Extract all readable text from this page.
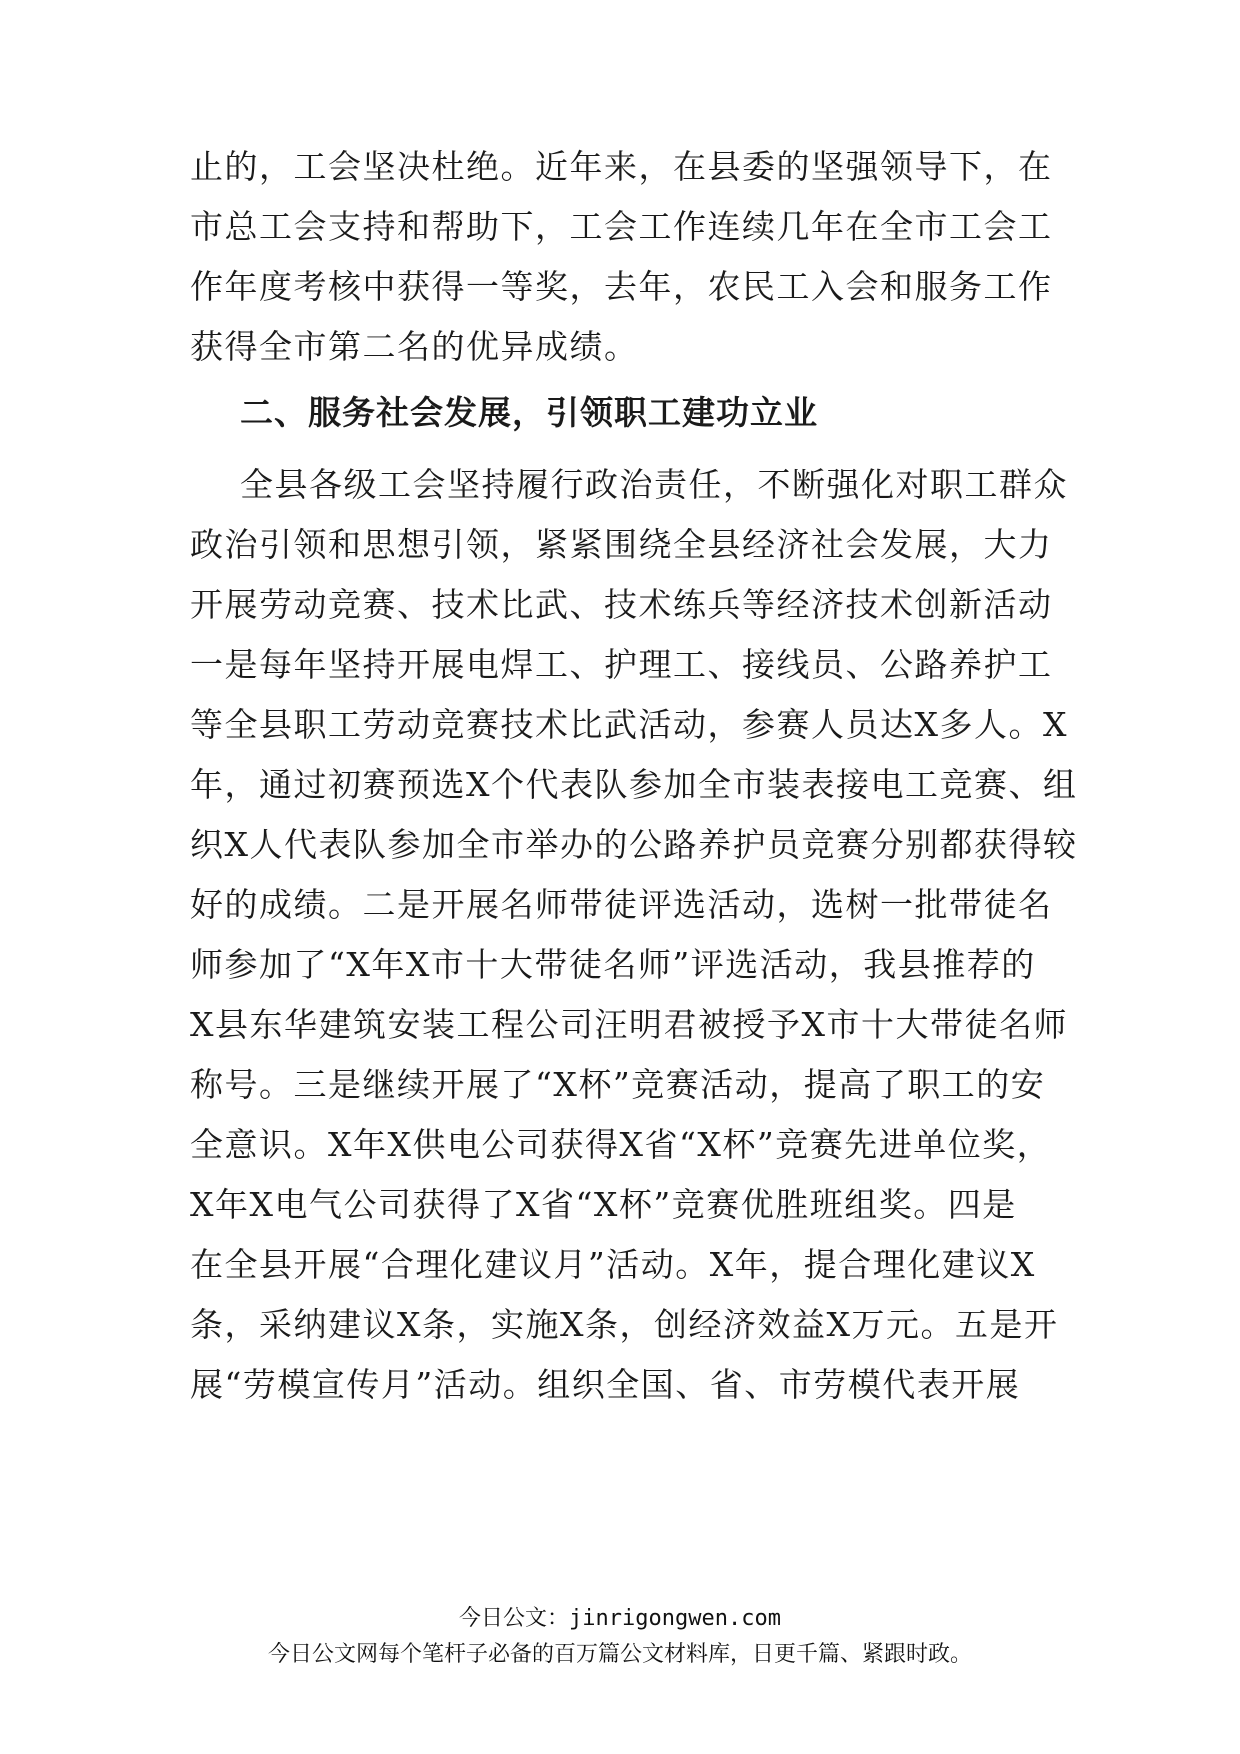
止的，工会坚决杜绝。近年来，在县委的坚强领导下，在
市总工会支持和帮助下，工会工作连续几年在全市工会工
作年度考核中获得一等奖，去年，农民工入会和服务工作
获得全市第二名的优异成绩。
二、服务社会发展，引领职工建功立业
全县各级工会坚持履行政治责任，不断强化对职工群众
政治引领和思想引领，紧紧围绕全县经济社会发展，大力
开展劳动竞赛、技术比武、技术练兵等经济技术创新活动
一是每年坚持开展电焊工、护理工、接线员、公路养护工
等全县职工劳动竞赛技术比武活动，参赛人员达X多人。X
年，通过初赛预选X个代表队参加全市装表接电工竞赛、组
织X人代表队参加全市举办的公路养护员竞赛分别都获得较
好的成绩。二是开展名师带徒评选活动，选树一批带徒名
师参加了“X年X市十大带徒名师”评选活动，我县推荐的
X县东华建筑安装工程公司汪明君被授予X市十大带徒名师
称号。三是继续开展了“X杯”竞赛活动，提高了职工的安
全意识。X年X供电公司获得X省“X杯”竞赛先进单位奖，
X年X电气公司获得了X省“X杯”竞赛优胜班组奖。四是
在全县开展“合理化建议月”活动。X年，提合理化建议X
条，采纳建议X条，实施X条，创经济效益X万元。五是开
展“劳模宣传月”活动。组织全国、省、市劳模代表开展
今日公文：jinrigongwen.com
今日公文网每个笔杆子必备的百万篇公文材料库，日更千篇、紧跟时政。
